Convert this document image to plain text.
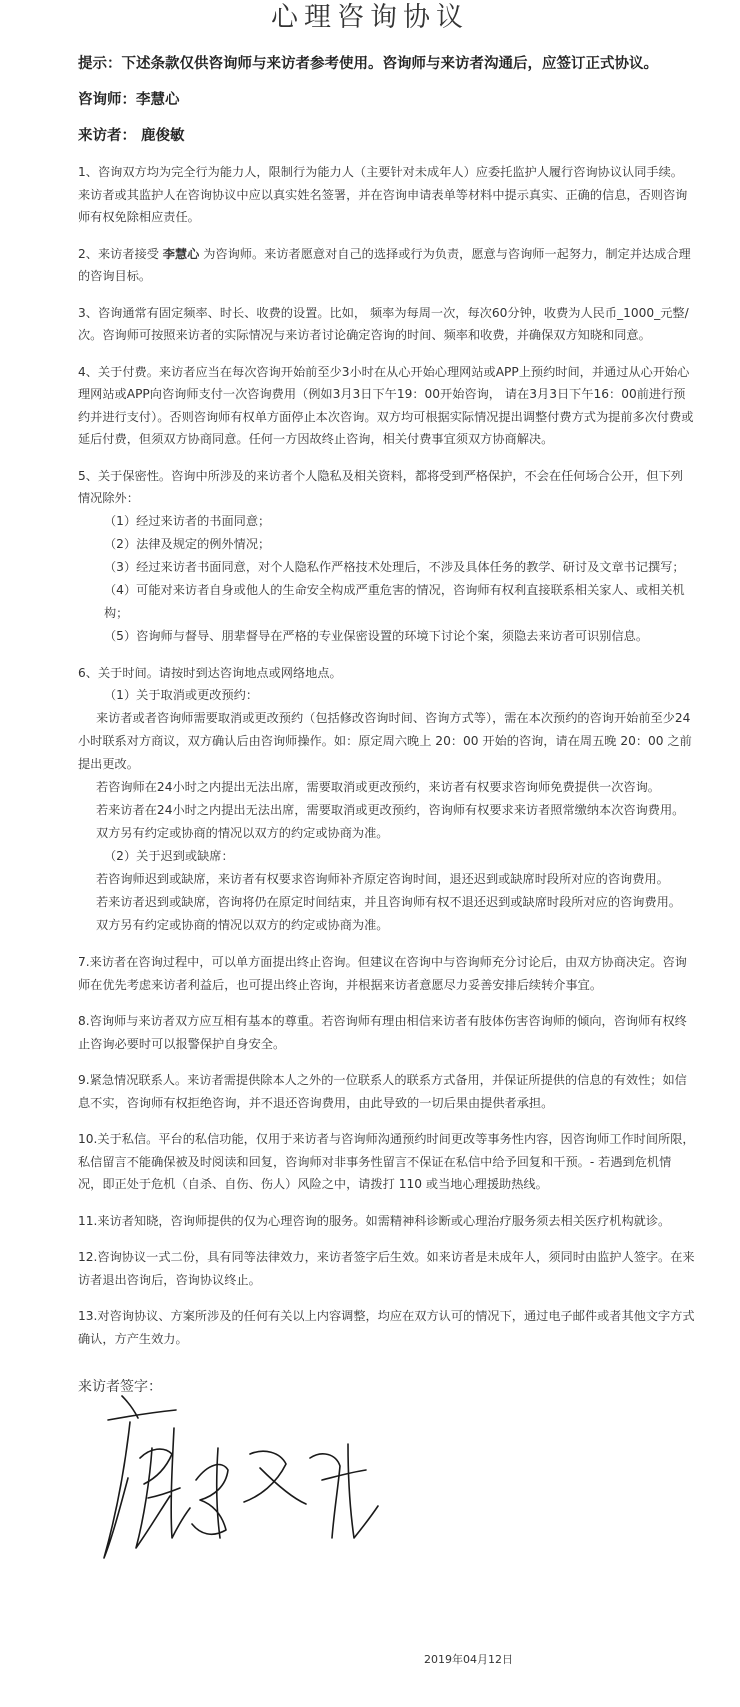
心理咨询协议
提示：下述条款仅供咨询师与来访者参考使用。咨询师与来访者沟通后，应签订正式协议。
咨询师：李慧心
来访者： 鹿俊敏
1、咨询双方均为完全行为能力人，限制行为能力人（主要针对未成年人）应委托监护人履行咨询协议认同手续。来访者或其监护人在咨询协议中应以真实姓名签署，并在咨询申请表单等材料中提示真实、正确的信息，否则咨询师有权免除相应责任。
2、来访者接受 李慧心 为咨询师。来访者愿意对自己的选择或行为负责，愿意与咨询师一起努力，制定并达成合理的咨询目标。
3、咨询通常有固定频率、时长、收费的设置。比如， 频率为每周一次，每次60分钟，收费为人民币_1000_元整/次。咨询师可按照来访者的实际情况与来访者讨论确定咨询的时间、频率和收费，并确保双方知晓和同意。
4、关于付费。来访者应当在每次咨询开始前至少3小时在从心开始心理网站或APP上预约时间，并通过从心开始心理网站或APP向咨询师支付一次咨询费用（例如3月3日下午19：00开始咨询， 请在3月3日下午16：00前进行预约并进行支付）。否则咨询师有权单方面停止本次咨询。双方均可根据实际情况提出调整付费方式为提前多次付费或延后付费，但须双方协商同意。任何一方因故终止咨询，相关付费事宜须双方协商解决。
5、关于保密性。咨询中所涉及的来访者个人隐私及相关资料，都将受到严格保护，不会在任何场合公开，但下列情况除外：
（1）经过来访者的书面同意；
（2）法律及规定的例外情况；
（3）经过来访者书面同意，对个人隐私作严格技术处理后，不涉及具体任务的教学、研讨及文章书记撰写；
（4）可能对来访者自身或他人的生命安全构成严重危害的情况，咨询师有权利直接联系相关家人、或相关机构；
（5）咨询师与督导、朋辈督导在严格的专业保密设置的环境下讨论个案，须隐去来访者可识别信息。
6、关于时间。请按时到达咨询地点或网络地点。
（1）关于取消或更改预约：
来访者或者咨询师需要取消或更改预约（包括修改咨询时间、咨询方式等），需在本次预约的咨询开始前至少24小时联系对方商议，双方确认后由咨询师操作。如：原定周六晚上 20：00 开始的咨询，请在周五晚 20：00 之前提出更改。
若咨询师在24小时之内提出无法出席，需要取消或更改预约，来访者有权要求咨询师免费提供一次咨询。
若来访者在24小时之内提出无法出席，需要取消或更改预约，咨询师有权要求来访者照常缴纳本次咨询费用。
双方另有约定或协商的情况以双方的约定或协商为准。
（2）关于迟到或缺席：
若咨询师迟到或缺席，来访者有权要求咨询师补齐原定咨询时间，退还迟到或缺席时段所对应的咨询费用。
若来访者迟到或缺席，咨询将仍在原定时间结束，并且咨询师有权不退还迟到或缺席时段所对应的咨询费用。
双方另有约定或协商的情况以双方的约定或协商为准。
7.来访者在咨询过程中，可以单方面提出终止咨询。但建议在咨询中与咨询师充分讨论后，由双方协商决定。咨询师在优先考虑来访者利益后，也可提出终止咨询，并根据来访者意愿尽力妥善安排后续转介事宜。
8.咨询师与来访者双方应互相有基本的尊重。若咨询师有理由相信来访者有肢体伤害咨询师的倾向，咨询师有权终止咨询必要时可以报警保护自身安全。
9.紧急情况联系人。来访者需提供除本人之外的一位联系人的联系方式备用，并保证所提供的信息的有效性；如信息不实，咨询师有权拒绝咨询，并不退还咨询费用，由此导致的一切后果由提供者承担。
10.关于私信。平台的私信功能，仅用于来访者与咨询师沟通预约时间更改等事务性内容，因咨询师工作时间所限，私信留言不能确保被及时阅读和回复，咨询师对非事务性留言不保证在私信中给予回复和干预。- 若遇到危机情况，即正处于危机（自杀、自伤、伤人）风险之中，请拨打 110 或当地心理援助热线。
11.来访者知晓，咨询师提供的仅为心理咨询的服务。如需精神科诊断或心理治疗服务须去相关医疗机构就诊。
12.咨询协议一式二份，具有同等法律效力，来访者签字后生效。如来访者是未成年人，须同时由监护人签字。在来访者退出咨询后，咨询协议终止。
13.对咨询协议、方案所涉及的任何有关以上内容调整，均应在双方认可的情况下，通过电子邮件或者其他文字方式确认，方产生效力。
来访者签字：
2019年04月12日
